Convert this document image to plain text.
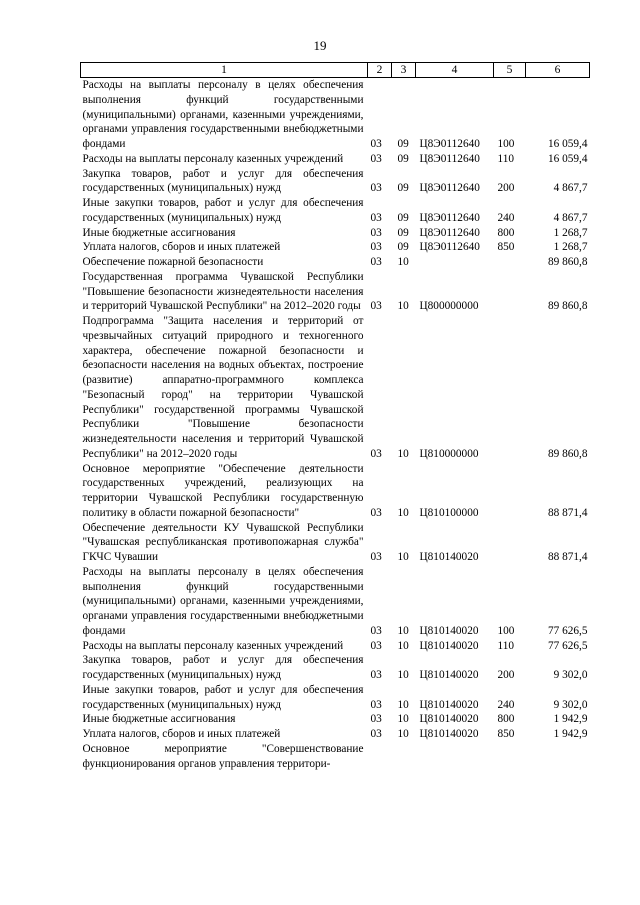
19
1	2	3	4	5	6
Расходы на выплаты персоналу в целях обеспечения выполнения функций государственными (муниципальными) органами, казенными учреждениями, органами управления государственными внебюджетными фондами	03	09	Ц8Э0112640	100	16 059,4
Расходы на выплаты персоналу казенных учреждений	03	09	Ц8Э0112640	110	16 059,4
Закупка товаров, работ и услуг для обеспечения государственных (муниципальных) нужд	03	09	Ц8Э0112640	200	4 867,7
Иные закупки товаров, работ и услуг для обеспечения государственных (муниципальных) нужд	03	09	Ц8Э0112640	240	4 867,7
Иные бюджетные ассигнования	03	09	Ц8Э0112640	800	1 268,7
Уплата налогов, сборов и иных платежей	03	09	Ц8Э0112640	850	1 268,7
Обеспечение пожарной безопасности	03	10			89 860,8
Государственная программа Чувашской Республики "Повышение безопасности жизнедеятельности населения и территорий Чувашской Республики" на 2012–2020 годы	03	10	Ц800000000		89 860,8
Подпрограмма "Защита населения и территорий от чрезвычайных ситуаций природного и техногенного характера, обеспечение пожарной безопасности и безопасности населения на водных объектах, построение (развитие) аппаратно-программного комплекса "Безопасный город" на территории Чувашской Республики" государственной программы Чувашской Республики "Повышение безопасности жизнедеятельности населения и территорий Чувашской Республики" на 2012–2020 годы	03	10	Ц810000000		89 860,8
Основное мероприятие "Обеспечение деятельности государственных учреждений, реализующих на территории Чувашской Республики государственную политику в области пожарной безопасности"	03	10	Ц810100000		88 871,4
Обеспечение деятельности КУ Чувашской Республики "Чувашская республиканская противопожарная служба" ГКЧС Чувашии	03	10	Ц810140020		88 871,4
Расходы на выплаты персоналу в целях обеспечения выполнения функций государственными (муниципальными) органами, казенными учреждениями, органами управления государственными внебюджетными фондами	03	10	Ц810140020	100	77 626,5
Расходы на выплаты персоналу казенных учреждений	03	10	Ц810140020	110	77 626,5
Закупка товаров, работ и услуг для обеспечения государственных (муниципальных) нужд	03	10	Ц810140020	200	9 302,0
Иные закупки товаров, работ и услуг для обеспечения государственных (муниципальных) нужд	03	10	Ц810140020	240	9 302,0
Иные бюджетные ассигнования	03	10	Ц810140020	800	1 942,9
Уплата налогов, сборов и иных платежей	03	10	Ц810140020	850	1 942,9
Основное мероприятие "Совершенствование функционирования органов управления территори-					
